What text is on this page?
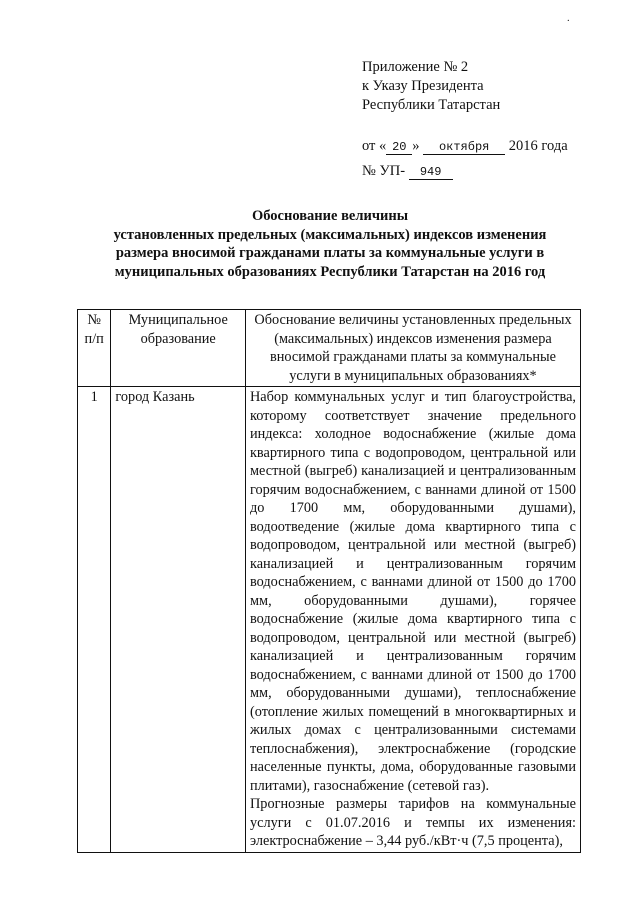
·
Приложение № 2
к Указу Президента
Республики Татарстан
от « 20 » октября 2016 года
№ УП- 949
Обоснование величины
установленных предельных (максимальных) индексов изменения
размера вносимой гражданами платы за коммунальные услуги в
муниципальных образованиях Республики Татарстан на 2016 год
№ п/п	Муниципальное образование	Обоснование величины установленных предельных (максимальных) индексов изменения размера вносимой гражданами платы за коммунальные услуги в муниципальных образованиях*
1	город Казань	Набор коммунальных услуг и тип благоустройства, которому соответствует значение предельного индекса: холодное водоснабжение (жилые дома квартирного типа с водопроводом, центральной или местной (выгреб) канализацией и централизованным горячим водоснабжением, с ваннами длиной от 1500 до 1700 мм, оборудованными душами), водоотведение (жилые дома квартирного типа с водопроводом, центральной или местной (выгреб) канализацией и централизованным горячим водоснабжением, с ваннами длиной от 1500 до 1700 мм, оборудованными душами), горячее водоснабжение (жилые дома квартирного типа с водопроводом, центральной или местной (выгреб) канализацией и централизованным горячим водоснабжением, с ваннами длиной от 1500 до 1700 мм, оборудованными душами), теплоснабжение (отопление жилых помещений в многоквартирных и жилых домах с централизованными системами теплоснабжения), электроснабжение (городские населенные пункты, дома, оборудованные газовыми плитами), газоснабжение (сетевой газ).

Прогнозные размеры тарифов на коммунальные услуги с 01.07.2016 и темпы их изменения: электроснабжение – 3,44 руб./кВт·ч (7,5 процента),
